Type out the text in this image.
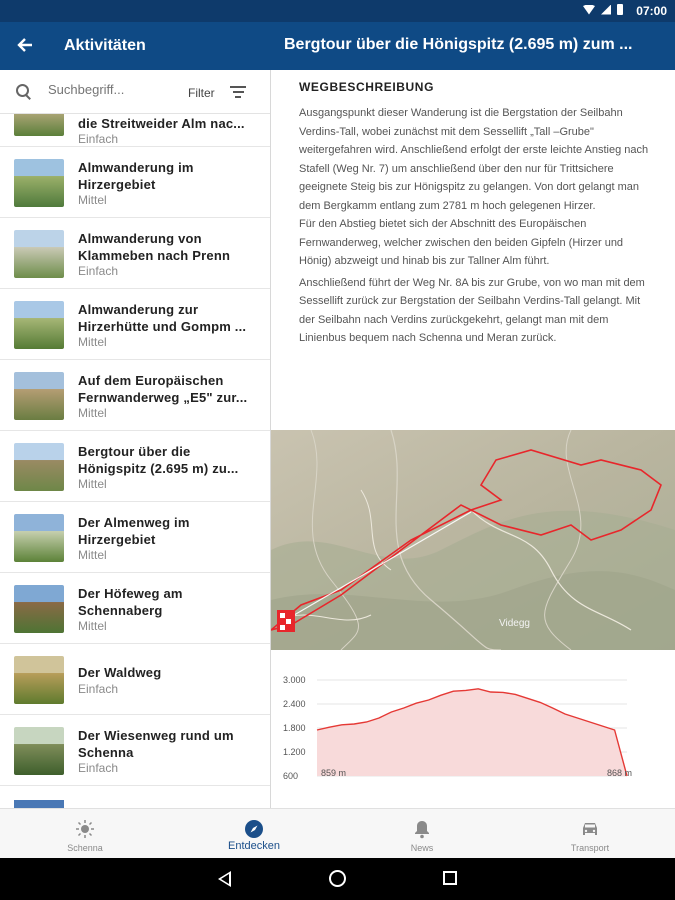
07:00
Aktivitäten	Bergtour über die Hönigspitz (2.695 m) zum ...
Suchbegriff...
Filter
die Streitweider Alm nac...
Einfach
Almwanderung im
Hirzergebiet
Mittel
Almwanderung von
Klammeben nach Prenn
Einfach
Almwanderung zur
Hirzerhütte und Gompm ...
Mittel
Auf dem Europäischen
Fernwanderweg „E5" zur...
Mittel
Bergtour über die
Hönigspitz (2.695 m) zu...
Mittel
Der Almenweg im
Hirzergebiet
Mittel
Der Höfeweg am
Schennaberg
Mittel
Der Waldweg
Einfach
Der Wiesenweg rund um
Schenna
Einfach
WEGBESCHREIBUNG

Ausgangspunkt dieser Wanderung ist die Bergstation der Seilbahn Verdins-Tall, wobei zunächst mit dem Sessellift „Tall –Grube" weitergefahren wird. Anschließend erfolgt der erste leichte Anstieg nach Stafell (Weg Nr. 7) um anschließend über den nur für Trittsichere geeignete Steig bis zur Hönigspitz zu gelangen. Von dort gelangt man dem Bergkamm entlang zum 2781 m hoch gelegenen Hirzer.

Für den Abstieg bietet sich der Abschnitt des Europäischen Fernwanderweg, welcher zwischen den beiden Gipfeln (Hirzer und Hönig) abzweigt und hinab bis zur Tallner Alm führt.

Anschließend führt der Weg Nr. 8A bis zur Grube, von wo man mit dem Sessellift zurück zur Bergstation der Seilbahn Verdins-Tall gelangt. Mit der Seilbahn nach Verdins zurückgekehrt, gelangt man mit dem Linienbus bequem nach Schenna und Meran zurück.

Videgg
3.000
2.400
1.800
1.200
600	859 m	868 m
Schenna	Entdecken	News	Transport
